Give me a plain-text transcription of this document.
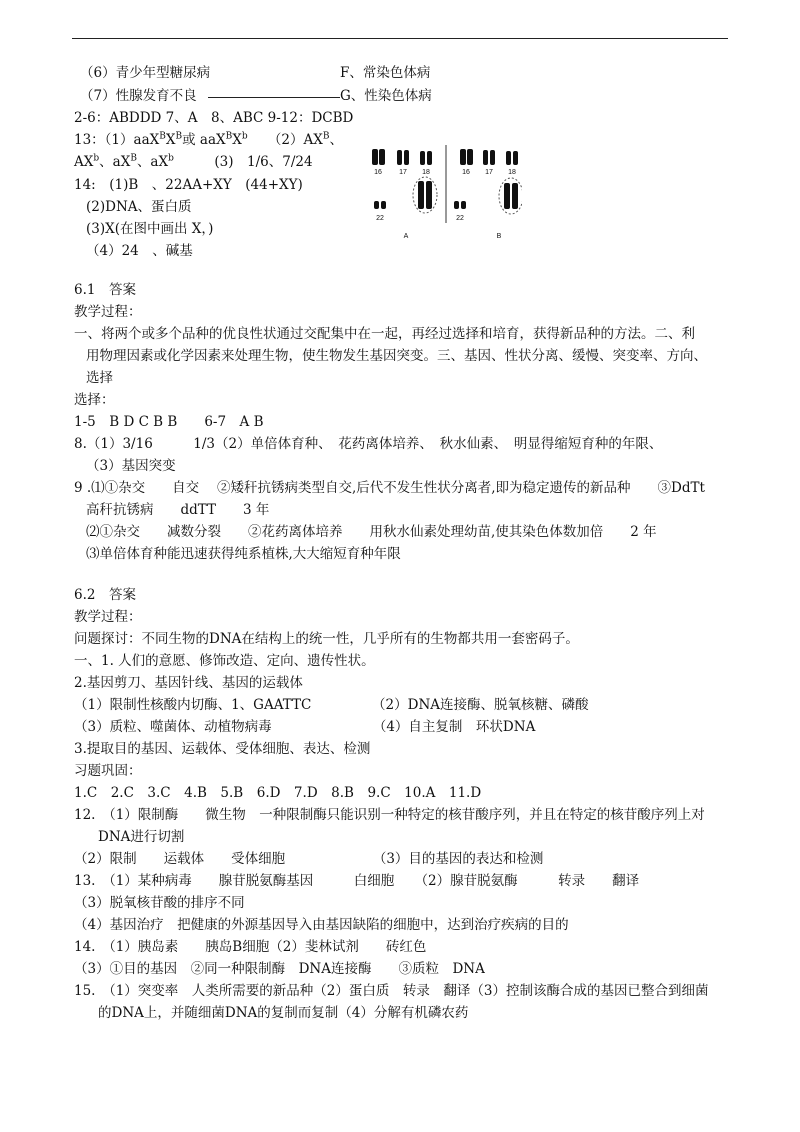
（6）青少年型糖尿病	F、常染色体病
（7）性腺发育不良	G、性染色体病
2-6：ABDDD 7、A　8、ABC 9-12：DCBD
13：$(1)aaX^BX^B$或 $aaX^BX^b$　　$(2)AX^B$、
$AX^b$、$aX^B$、$aX^b$　　　(3)　1/6、7/24
14:　(1)B　、22AA+XY　(44+XY)
(2)DNA、蛋白质
(3)X(在图中画出 X，)
（4）24　、碱基
16 17 18	16 17 18
22	22
A	B
6.1　答案
教学过程：
一、将两个或多个品种的优良性状通过交配集中在一起，再经过选择和培育，获得新品种的方法。二、利
用物理因素或化学因素来处理生物，使生物发生基因突变。三、基因、性状分离、缓慢、突变率、方向、
选择
选择：
1-5　B D C B B　　6-7　A B
8.（1）3/16　　　1/3（2）单倍体育种、　花药离体培养、　秋水仙素、　明显得缩短育种的年限、
（3）基因突变
9 .⑴①杂交　　自交　 ②矮秆抗锈病类型自交,后代不发生性状分离者,即为稳定遗传的新品种　　③DdTt
高秆抗锈病　　ddTT　　3 年
⑵①杂交　　减数分裂　　②花药离体培养　　用秋水仙素处理幼苗,使其染色体数加倍　　2 年
⑶单倍体育种能迅速获得纯系植株,大大缩短育种年限
6.2　答案
教学过程：
问题探讨：不同生物的DNA在结构上的统一性，几乎所有的生物都共用一套密码子。
一、1. 人们的意愿、修饰改造、定向、遗传性状。
2.基因剪刀、基因针线、基因的运载体
（1）限制性核酸内切酶、1、GAATTC　　　　　（2）DNA连接酶、脱氧核糖、磷酸
（3）质粒、噬菌体、动植物病毒　　　　　　　　（4）自主复制　环状DNA
3.提取目的基因、运载体、受体细胞、表达、检测
习题巩固：
1.C　2.C　3.C　4.B　5.B　6.D　7.D　8.B　9.C　10.A　11.D
12.　（1）限制酶　　微生物　一种限制酶只能识别一种特定的核苷酸序列，并且在特定的核苷酸序列上对
DNA进行切割
（2）限制　　运载体　　受体细胞　　　　　　　（3）目的基因的表达和检测
13.　（1）某种病毒　　腺苷脱氨酶基因　　　白细胞　　（2）腺苷脱氨酶　　　转录　　翻译
（3）脱氧核苷酸的排序不同
（4）基因治疗　把健康的外源基因导入由基因缺陷的细胞中，达到治疗疾病的目的
14.　（1）胰岛素　　胰岛B细胞（2）斐林试剂　　砖红色
（3）①目的基因　②同一种限制酶　DNA连接酶　　③质粒　DNA
15.　（1）突变率　人类所需要的新品种（2）蛋白质　转录　翻译（3）控制该酶合成的基因已整合到细菌
的DNA上，并随细菌DNA的复制而复制（4）分解有机磷农药
